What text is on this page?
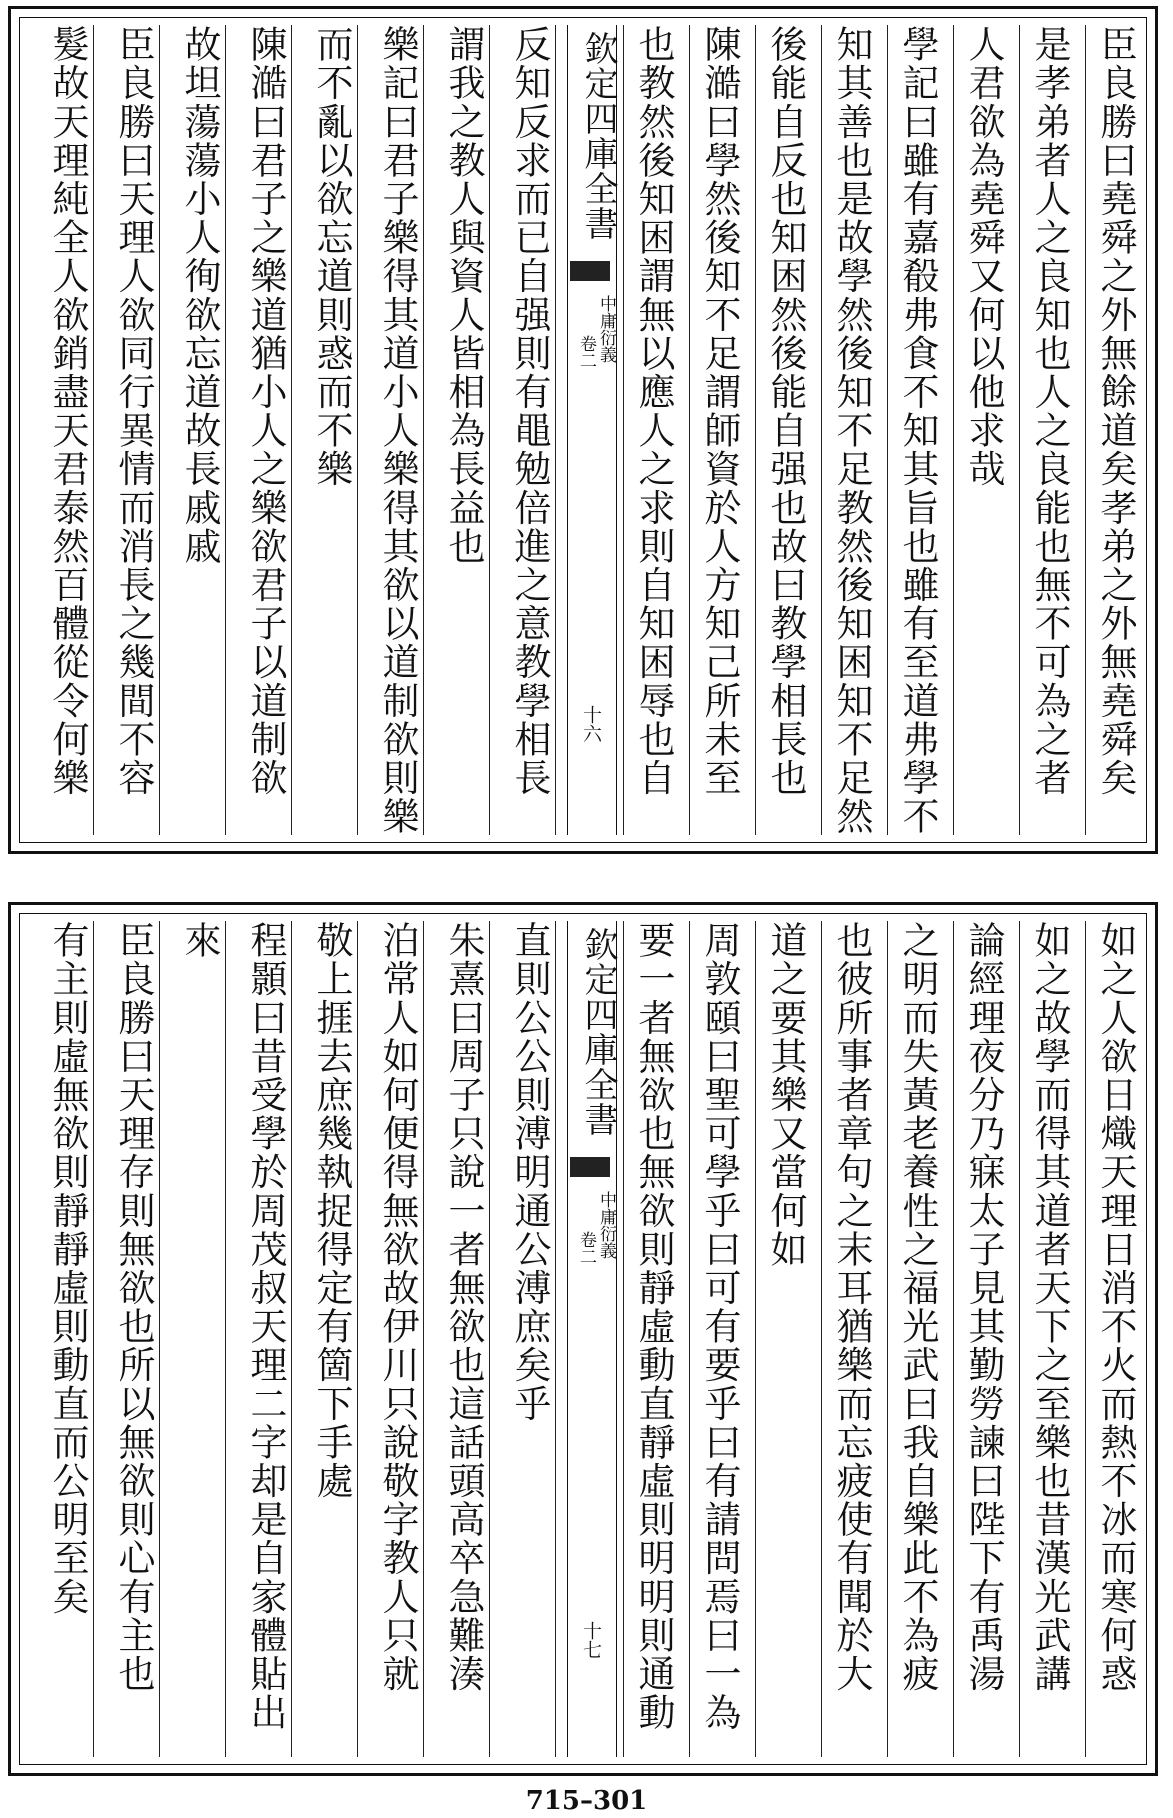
臣良勝曰堯舜之外無餘道矣孝弟之外無堯舜矣
是孝弟者人之良知也人之良能也無不可為之者
人君欲為堯舜又何以他求哉
學記曰雖有嘉殽弗食不知其旨也雖有至道弗學不
知其善也是故學然後知不足教然後知困知不足然
後能自反也知困然後能自强也故曰教學相長也
陳澔曰學然後知不足謂師資於人方知己所未至
也教然後知困謂無以應人之求則自知困辱也自
欽定四庫全書
中庸衍義
卷二
十六
反知反求而已自强則有黽勉倍進之意教學相長
謂我之教人與資人皆相為長益也
樂記曰君子樂得其道小人樂得其欲以道制欲則樂
而不亂以欲忘道則惑而不樂
陳澔曰君子之樂道猶小人之樂欲君子以道制欲
故坦蕩蕩小人徇欲忘道故長戚戚
臣良勝曰天理人欲同行異情而消長之幾間不容
髮故天理純全人欲銷盡天君泰然百體從令何樂
如之人欲日熾天理日消不火而熱不冰而寒何惑
如之故學而得其道者天下之至樂也昔漢光武講
論經理夜分乃寐太子見其勤勞諫曰陛下有禹湯
之明而失黃老養性之福光武曰我自樂此不為疲
也彼所事者章句之末耳猶樂而忘疲使有聞於大
道之要其樂又當何如
周敦頤曰聖可學乎曰可有要乎曰有請問焉曰一為
要一者無欲也無欲則靜虛動直靜虛則明明則通動
欽定四庫全書
中庸衍義
卷二
十七
直則公公則溥明通公溥庶矣乎
朱熹曰周子只說一者無欲也這話頭高卒急難湊
泊常人如何便得無欲故伊川只說敬字教人只就
敬上捱去庶幾執捉得定有箇下手處
程顥曰昔受學於周茂叔天理二字却是自家體貼出
來
臣良勝曰天理存則無欲也所以無欲則心有主也
有主則虛無欲則靜靜虛則動直而公明至矣
715–301
